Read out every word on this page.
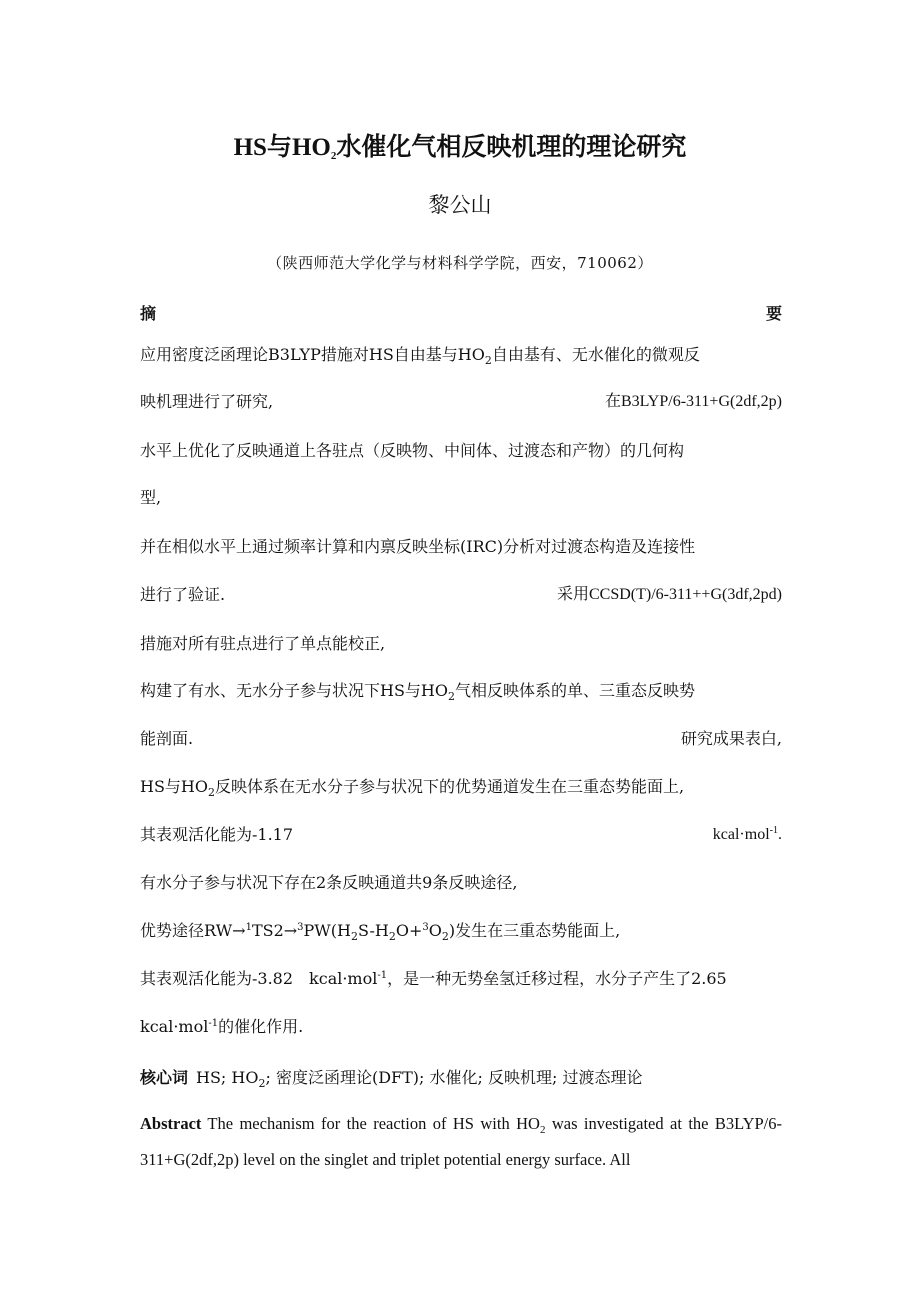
HS与$HO_2$水催化气相反映机理的理论研究
黎公山
（陕西师范大学化学与材料科学学院，西安，710062）
摘	要
应用密度泛函理论B3LYP措施对HS自由基与$HO_2$自由基有、无水催化的微观反
映机理进行了研究,	在B3LYP/6-311+G(2df,2p)
水平上优化了反映通道上各驻点（反映物、中间体、过渡态和产物）的几何构
型,
并在相似水平上通过频率计算和内禀反映坐标(IRC)分析对过渡态构造及连接性
进行了验证.	采用CCSD(T)/6-311++G(3df,2pd)
措施对所有驻点进行了单点能校正,
构建了有水、无水分子参与状况下HS与$HO_2$气相反映体系的单、三重态反映势
能剖面.	研究成果表白,
HS与$HO_2$反映体系在无水分子参与状况下的优势通道发生在三重态势能面上,
其表观活化能为-1.17	kcal·mol$^{-1}$.
有水分子参与状况下存在2条反映通道共9条反映途径,
优势途径$RW\to^1TS2\to^3PW(H_2S-H_2O+^3O_2)$发生在三重态势能面上,
其表观活化能为-3.82　kcal·mol$^{-1}$，是一种无势垒氢迁移过程，水分子产生了2.65
kcal·mol$^{-1}$的催化作用.
核心词 HS; $HO_2$; 密度泛函理论(DFT); 水催化; 反映机理; 过渡态理论
Abstract The mechanism for the reaction of HS with $HO_2$ was investigated at the B3LYP/6-311+G(2df,2p) level on the singlet and triplet potential energy surface. All
